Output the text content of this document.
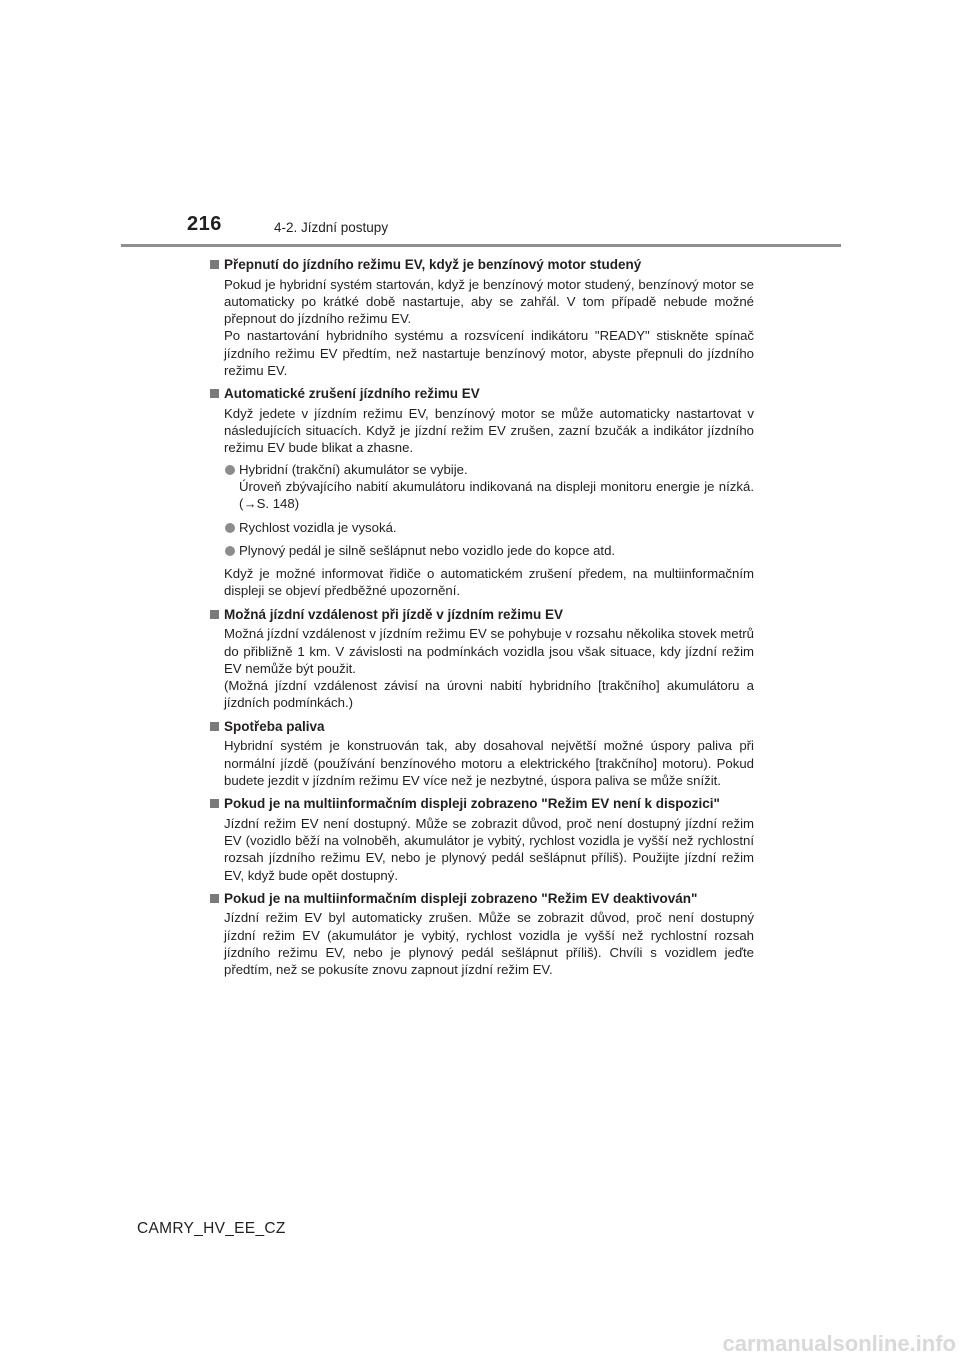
216	4-2. Jízdní postupy
Přepnutí do jízdního režimu EV, když je benzínový motor studený
Pokud je hybridní systém startován, když je benzínový motor studený, benzínový motor se automaticky po krátké době nastartuje, aby se zahřál. V tom případě nebude možné přepnout do jízdního režimu EV.
Po nastartování hybridního systému a rozsvícení indikátoru "READY" stiskněte spínač jízdního režimu EV předtím, než nastartuje benzínový motor, abyste přepnuli do jízdního režimu EV.
Automatické zrušení jízdního režimu EV
Když jedete v jízdním režimu EV, benzínový motor se může automaticky nastartovat v následujících situacích. Když je jízdní režim EV zrušen, zazní bzučák a indikátor jízdního režimu EV bude blikat a zhasne.
Hybridní (trakční) akumulátor se vybije.
Úroveň zbývajícího nabití akumulátoru indikovaná na displeji monitoru energie je nízká. (→S. 148)
Rychlost vozidla je vysoká.
Plynový pedál je silně sešlápnut nebo vozidlo jede do kopce atd.
Když je možné informovat řidiče o automatickém zrušení předem, na multiinformačním displeji se objeví předběžné upozornění.
Možná jízdní vzdálenost při jízdě v jízdním režimu EV
Možná jízdní vzdálenost v jízdním režimu EV se pohybuje v rozsahu několika stovek metrů do přibližně 1 km. V závislosti na podmínkách vozidla jsou však situace, kdy jízdní režim EV nemůže být použit.
(Možná jízdní vzdálenost závisí na úrovni nabití hybridního [trakčního] akumulátoru a jízdních podmínkách.)
Spotřeba paliva
Hybridní systém je konstruován tak, aby dosahoval největší možné úspory paliva při normální jízdě (používání benzínového motoru a elektrického [trakčního] motoru). Pokud budete jezdit v jízdním režimu EV více než je nezbytné, úspora paliva se může snížit.
Pokud je na multiinformačním displeji zobrazeno "Režim EV není k dispozici"
Jízdní režim EV není dostupný. Může se zobrazit důvod, proč není dostupný jízdní režim EV (vozidlo běží na volnoběh, akumulátor je vybitý, rychlost vozidla je vyšší než rychlostní rozsah jízdního režimu EV, nebo je plynový pedál sešlápnut příliš). Použijte jízdní režim EV, když bude opět dostupný.
Pokud je na multiinformačním displeji zobrazeno "Režim EV deaktivován"
Jízdní režim EV byl automaticky zrušen. Může se zobrazit důvod, proč není dostupný jízdní režim EV (akumulátor je vybitý, rychlost vozidla je vyšší než rychlostní rozsah jízdního režimu EV, nebo je plynový pedál sešlápnut příliš). Chvíli s vozidlem jeďte předtím, než se pokusíte znovu zapnout jízdní režim EV.
CAMRY_HV_EE_CZ
carmanualsonline.info
